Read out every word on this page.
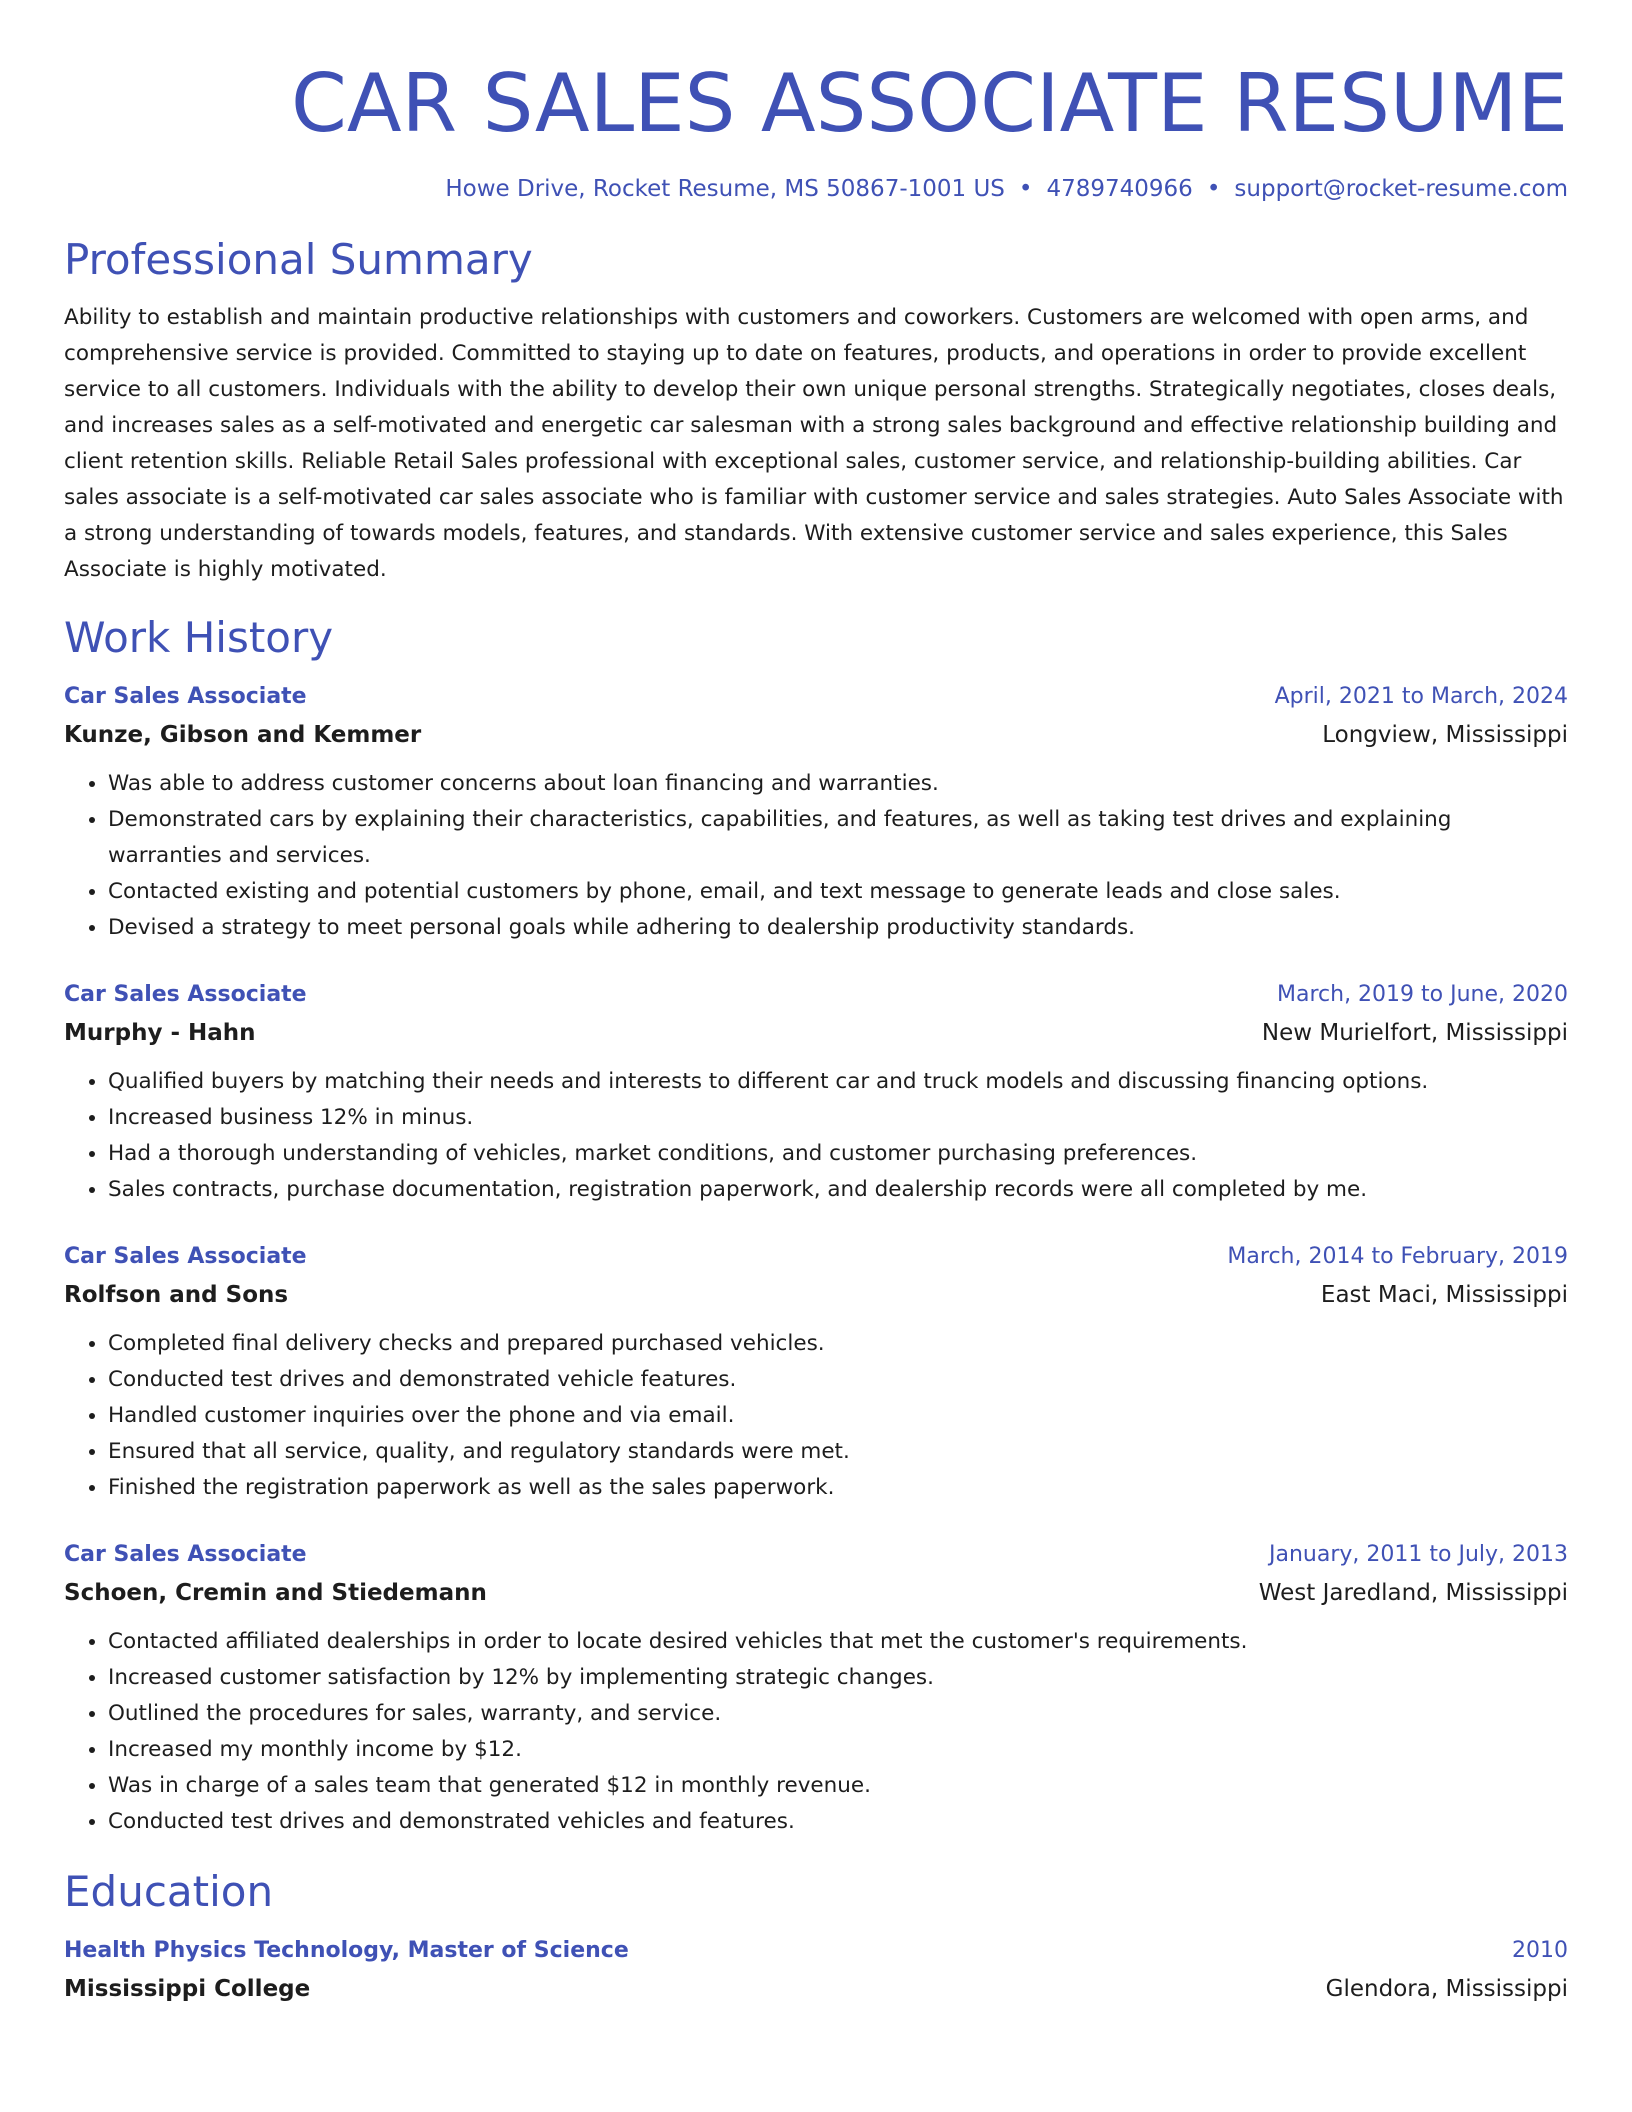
CAR SALES ASSOCIATE RESUME
Howe Drive, Rocket Resume, MS 50867-1001 US • 4789740966 • support@rocket-resume.com
Professional Summary
Ability to establish and maintain productive relationships with customers and coworkers. Customers are welcomed with open arms, and comprehensive service is provided. Committed to staying up to date on features, products, and operations in order to provide excellent service to all customers. Individuals with the ability to develop their own unique personal strengths. Strategically negotiates, closes deals, and increases sales as a self-motivated and energetic car salesman with a strong sales background and effective relationship building and client retention skills. Reliable Retail Sales professional with exceptional sales, customer service, and relationship-building abilities. Car sales associate is a self-motivated car sales associate who is familiar with customer service and sales strategies. Auto Sales Associate with a strong understanding of towards models, features, and standards. With extensive customer service and sales experience, this Sales Associate is highly motivated.
Work History
Car Sales Associate	April, 2021 to March, 2024
Kunze, Gibson and Kemmer	Longview, Mississippi
• Was able to address customer concerns about loan financing and warranties.
• Demonstrated cars by explaining their characteristics, capabilities, and features, as well as taking test drives and explaining warranties and services.
• Contacted existing and potential customers by phone, email, and text message to generate leads and close sales.
• Devised a strategy to meet personal goals while adhering to dealership productivity standards.
Car Sales Associate	March, 2019 to June, 2020
Murphy - Hahn	New Murielfort, Mississippi
• Qualified buyers by matching their needs and interests to different car and truck models and discussing financing options.
• Increased business 12% in minus.
• Had a thorough understanding of vehicles, market conditions, and customer purchasing preferences.
• Sales contracts, purchase documentation, registration paperwork, and dealership records were all completed by me.
Car Sales Associate	March, 2014 to February, 2019
Rolfson and Sons	East Maci, Mississippi
• Completed final delivery checks and prepared purchased vehicles.
• Conducted test drives and demonstrated vehicle features.
• Handled customer inquiries over the phone and via email.
• Ensured that all service, quality, and regulatory standards were met.
• Finished the registration paperwork as well as the sales paperwork.
Car Sales Associate	January, 2011 to July, 2013
Schoen, Cremin and Stiedemann	West Jaredland, Mississippi
• Contacted affiliated dealerships in order to locate desired vehicles that met the customer's requirements.
• Increased customer satisfaction by 12% by implementing strategic changes.
• Outlined the procedures for sales, warranty, and service.
• Increased my monthly income by $12.
• Was in charge of a sales team that generated $12 in monthly revenue.
• Conducted test drives and demonstrated vehicles and features.
Education
Health Physics Technology, Master of Science	2010
Mississippi College	Glendora, Mississippi
